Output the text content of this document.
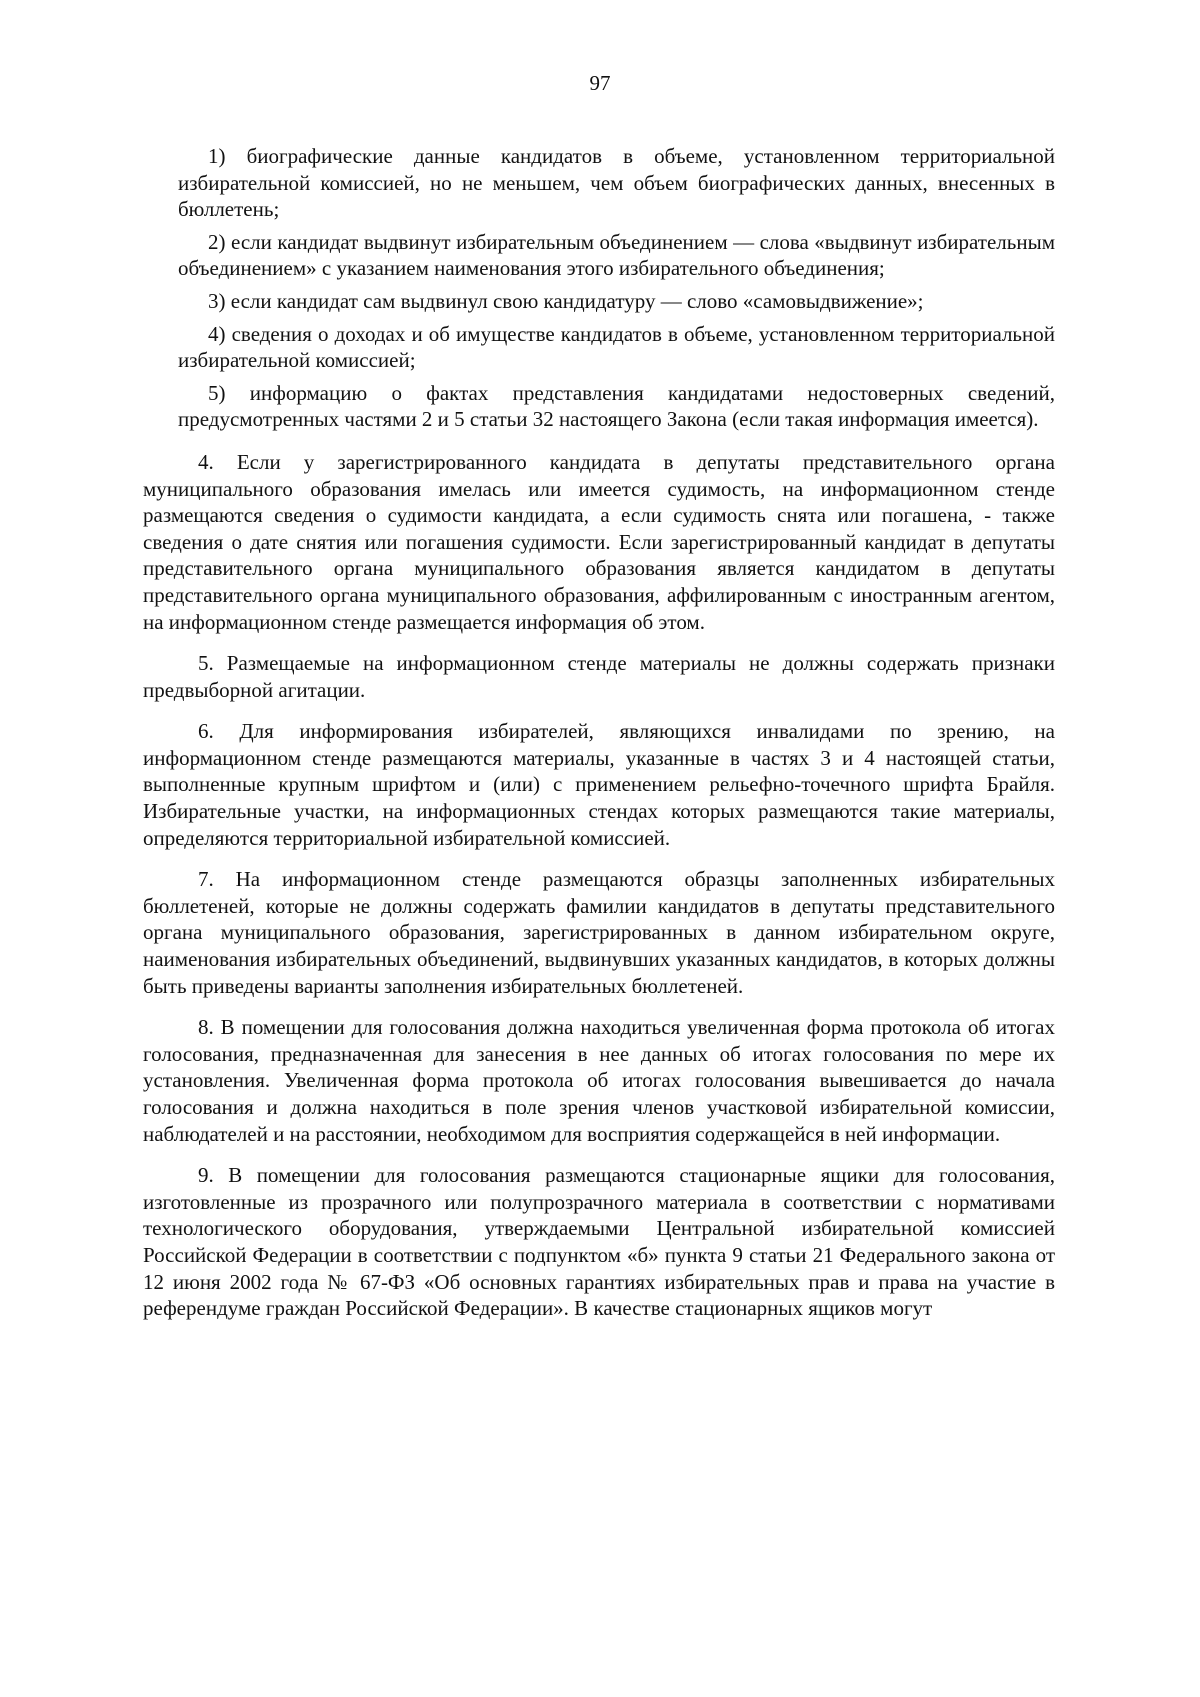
97

1) биографические данные кандидатов в объеме, установленном территориальной избирательной комиссией, но не меньшем, чем объем биографических данных, внесенных в бюллетень;

2) если кандидат выдвинут избирательным объединением — слова «выдвинут избирательным объединением» с указанием наименования этого избирательного объединения;

3) если кандидат сам выдвинул свою кандидатуру — слово «самовыдвижение»;

4) сведения о доходах и об имуществе кандидатов в объеме, установленном территориальной избирательной комиссией;

5) информацию о фактах представления кандидатами недостоверных сведений, предусмотренных частями 2 и 5 статьи 32 настоящего Закона (если такая информация имеется).

4. Если у зарегистрированного кандидата в депутаты представительного органа муниципального образования имелась или имеется судимость, на информационном стенде размещаются сведения о судимости кандидата, а если судимость снята или погашена, - также сведения о дате снятия или погашения судимости. Если зарегистрированный кандидат в депутаты представительного органа муниципального образования является кандидатом в депутаты представительного органа муниципального образования, аффилированным с иностранным агентом, на информационном стенде размещается информация об этом.

5. Размещаемые на информационном стенде материалы не должны содержать признаки предвыборной агитации.

6. Для информирования избирателей, являющихся инвалидами по зрению, на информационном стенде размещаются материалы, указанные в частях 3 и 4 настоящей статьи, выполненные крупным шрифтом и (или) с применением рельефно-точечного шрифта Брайля. Избирательные участки, на информационных стендах которых размещаются такие материалы, определяются территориальной избирательной комиссией.

7. На информационном стенде размещаются образцы заполненных избирательных бюллетеней, которые не должны содержать фамилии кандидатов в депутаты представительного органа муниципального образования, зарегистрированных в данном избирательном округе, наименования избирательных объединений, выдвинувших указанных кандидатов, в которых должны быть приведены варианты заполнения избирательных бюллетеней.

8. В помещении для голосования должна находиться увеличенная форма протокола об итогах голосования, предназначенная для занесения в нее данных об итогах голосования по мере их установления. Увеличенная форма протокола об итогах голосования вывешивается до начала голосования и должна находиться в поле зрения членов участковой избирательной комиссии, наблюдателей и на расстоянии, необходимом для восприятия содержащейся в ней информации.

9. В помещении для голосования размещаются стационарные ящики для голосования, изготовленные из прозрачного или полупрозрачного материала в соответствии с нормативами технологического оборудования, утверждаемыми Центральной избирательной комиссией Российской Федерации в соответствии с подпунктом «б» пункта 9 статьи 21 Федерального закона от 12 июня 2002 года № 67-ФЗ «Об основных гарантиях избирательных прав и права на участие в референдуме граждан Российской Федерации». В качестве стационарных ящиков могут
